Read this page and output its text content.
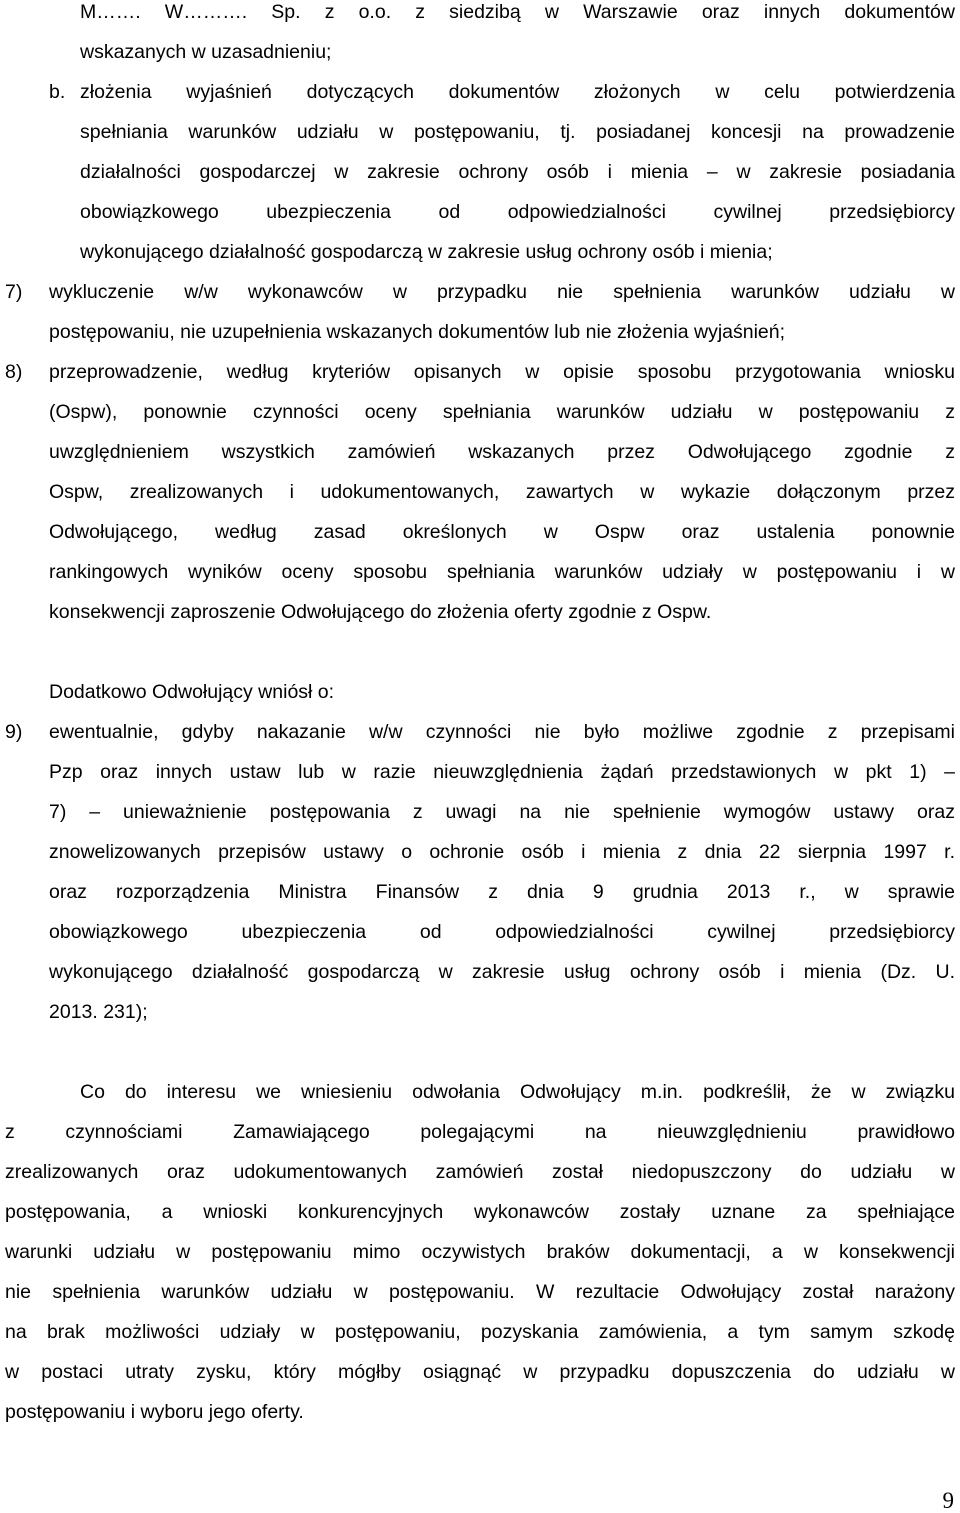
M……. W………. Sp. z o.o. z siedzibą w Warszawie oraz innych dokumentów
wskazanych w uzasadnieniu;
b. złożenia wyjaśnień dotyczących dokumentów złożonych w celu potwierdzenia
spełniania warunków udziału w postępowaniu, tj. posiadanej koncesji na prowadzenie
działalności gospodarczej w zakresie ochrony osób i mienia – w zakresie posiadania
obowiązkowego ubezpieczenia od odpowiedzialności cywilnej przedsiębiorcy
wykonującego działalność gospodarczą w zakresie usług ochrony osób i mienia;
7) wykluczenie w/w wykonawców w przypadku nie spełnienia warunków udziału w
postępowaniu, nie uzupełnienia wskazanych dokumentów lub nie złożenia wyjaśnień;
8) przeprowadzenie, według kryteriów opisanych w opisie sposobu przygotowania wniosku
(Ospw), ponownie czynności oceny spełniania warunków udziału w postępowaniu z
uwzględnieniem wszystkich zamówień wskazanych przez Odwołującego zgodnie z
Ospw, zrealizowanych i udokumentowanych, zawartych w wykazie dołączonym przez
Odwołującego, według zasad określonych w Ospw oraz ustalenia ponownie
rankingowych wyników oceny sposobu spełniania warunków udziały w postępowaniu i w
konsekwencji zaproszenie Odwołującego do złożenia oferty zgodnie z Ospw.
Dodatkowo Odwołujący wniósł o:
9) ewentualnie, gdyby nakazanie w/w czynności nie było możliwe zgodnie z przepisami
Pzp oraz innych ustaw lub w razie nieuwzględnienia żądań przedstawionych w pkt 1) –
7) – unieważnienie postępowania z uwagi na nie spełnienie wymogów ustawy oraz
znowelizowanych przepisów ustawy o ochronie osób i mienia z dnia 22 sierpnia 1997 r.
oraz rozporządzenia Ministra Finansów z dnia 9 grudnia 2013 r., w sprawie
obowiązkowego ubezpieczenia od odpowiedzialności cywilnej przedsiębiorcy
wykonującego działalność gospodarczą w zakresie usług ochrony osób i mienia (Dz. U.
2013. 231);
Co do interesu we wniesieniu odwołania Odwołujący m.in. podkreślił, że w związku
z czynnościami Zamawiającego polegającymi na nieuwzględnieniu prawidłowo
zrealizowanych oraz udokumentowanych zamówień został niedopuszczony do udziału w
postępowania, a wnioski konkurencyjnych wykonawców zostały uznane za spełniające
warunki udziału w postępowaniu mimo oczywistych braków dokumentacji, a w konsekwencji
nie spełnienia warunków udziału w postępowaniu. W rezultacie Odwołujący został narażony
na brak możliwości udziały w postępowaniu, pozyskania zamówienia, a tym samym szkodę
w postaci utraty zysku, który mógłby osiągnąć w przypadku dopuszczenia do udziału w
postępowaniu i wyboru jego oferty.
9
